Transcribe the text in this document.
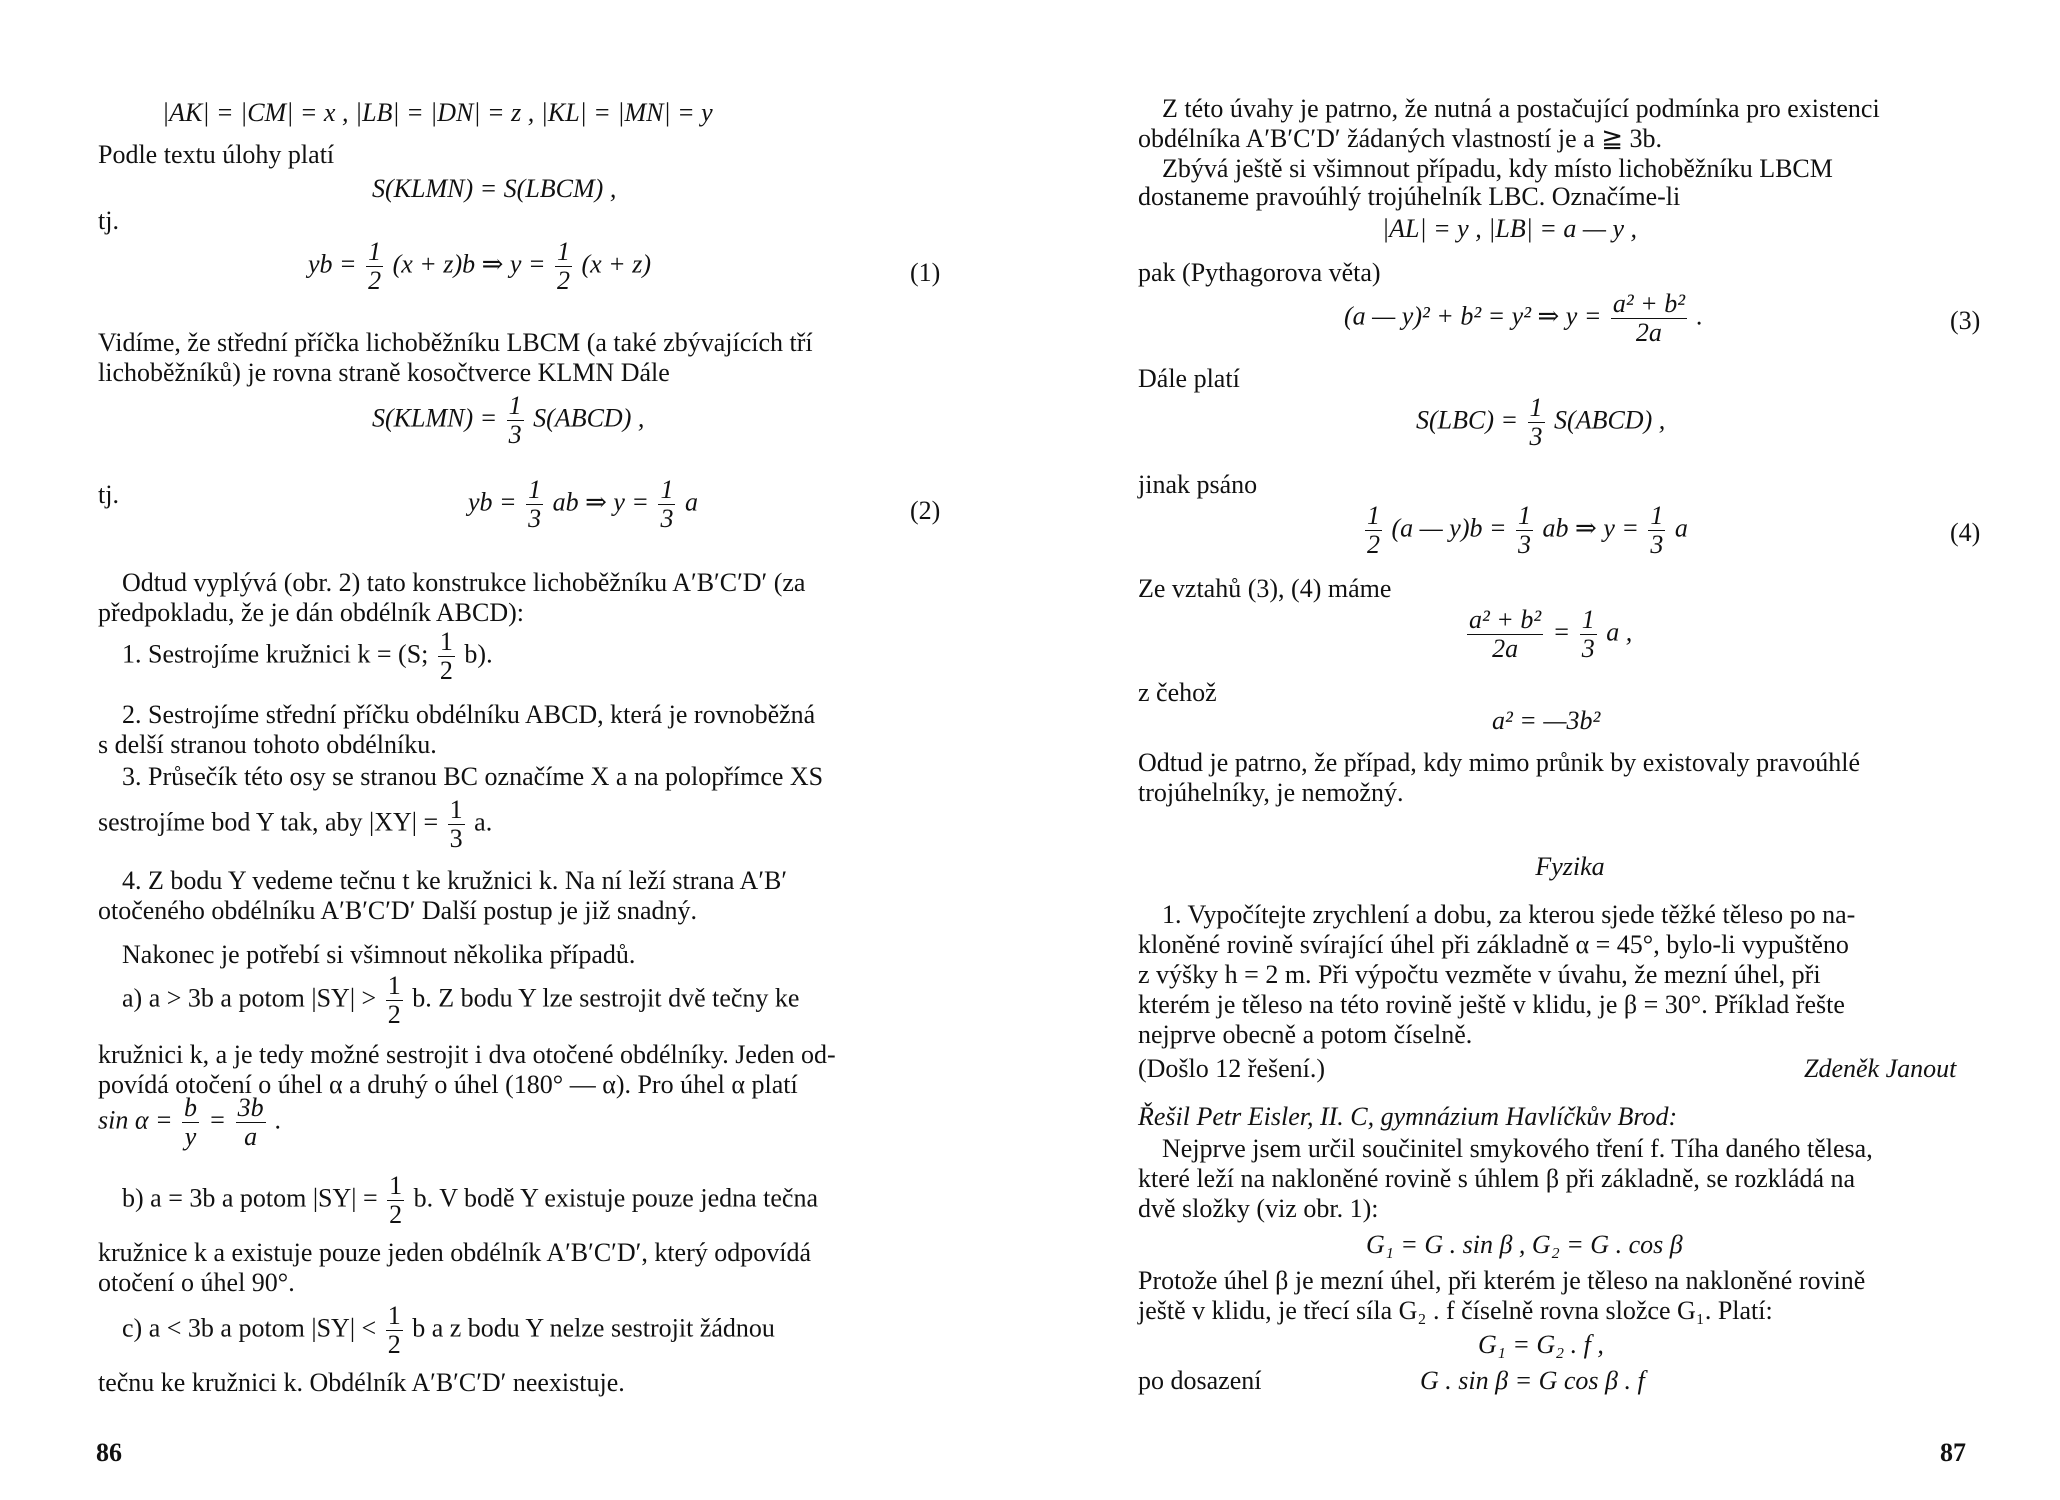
|AK| = |CM| = x , |LB| = |DN| = z , |KL| = |MN| = y
Podle textu úlohy platí
S(KLMN) = S(LBCM) ,
tj.
yb = $\frac{1}{2} (x + z)b$ ⇒ $y = \frac{1}{2} (x + z)$	(1)
Vidíme, že střední příčka lichoběžníku LBCM (a také zbývajících tří
lichoběžníků) je rovna straně kosočtverce KLMN Dále
S(KLMN) = $\frac{1}{3}$ S(ABCD) ,
tj.	yb = $\frac{1}{3}$ ab ⇒ $y = \frac{1}{3}$ a	(2)
Odtud vyplývá (obr. 2) tato konstrukce lichoběžníku A′B′C′D′ (za
předpokladu, že je dán obdélník ABCD):
1. Sestrojíme kružnici k = (S; $\frac{1}{2} b$).
2. Sestrojíme střední příčku obdélníku ABCD, která je rovnoběžná
s delší stranou tohoto obdélníku.
3. Průsečík této osy se stranou BC označíme X a na polopřímce XS
sestrojíme bod Y tak, aby $|XY| = \frac{1}{3} a$.
4. Z bodu Y vedeme tečnu t ke kružnici k. Na ní leží strana A′B′
otočeného obdélníku A′B′C′D′ Další postup je již snadný.
Nakonec je potřebí si všimnout několika případů.
a) a > 3b a potom $|SY| > \frac{1}{2} b$. Z bodu Y lze sestrojit dvě tečny ke
kružnici k, a je tedy možné sestrojit i dva otočené obdélníky. Jeden od-
povídá otočení o úhel α a druhý o úhel (180° — α). Pro úhel α platí
$\sin \alpha = \frac{b}{y} = \frac{3b}{a}$ .
b) a = 3b a potom $|SY| = \frac{1}{2} b$. V bodě Y existuje pouze jedna tečna
kružnice k a existuje pouze jeden obdélník A′B′C′D′, který odpovídá
otočení o úhel 90°.
c) a < 3b a potom $|SY| < \frac{1}{2}$ b a z bodu Y nelze sestrojit žádnou
tečnu ke kružnici k. Obdélník A′B′C′D′ neexistuje.
86
Z této úvahy je patrno, že nutná a postačující podmínka pro existenci
obdélníka A′B′C′D′ žádaných vlastností je a ≧ 3b.
Zbývá ještě si všimnout případu, kdy místo lichoběžníku LBCM
dostaneme pravoúhlý trojúhelník LBC. Označíme-li
|AL| = y , |LB| = a — y ,
pak (Pythagorova věta)
(a — y)² + b² = y² ⇒ $y = \frac{\text{a² + b²}}{2a}$ .	(3)
Dále platí
$S(LBC) = \frac{1}{3}$ S(ABCD) ,
jinak psáno
$\frac{1}{2} (a$ — $y)b = \frac{1}{3}$ ab ⇒ $y = \frac{1}{3}$ a	(4)
Ze vztahů (3), (4) máme
$\frac{\text{a² + b²}}{2a} = \frac{1}{3}$ a ,
z čehož
a² = —3b²
Odtud je patrno, že případ, kdy mimo průnik by existovaly pravoúhlé
trojúhelníky, je nemožný.
Fyzika
1. Vypočítejte zrychlení a dobu, za kterou sjede těžké těleso po na-
kloněné rovině svírající úhel při základně α = 45°, bylo-li vypuštěno
z výšky h = 2 m. Při výpočtu vezměte v úvahu, že mezní úhel, při
kterém je těleso na této rovině ještě v klidu, je β = 30°. Příklad řešte
nejprve obecně a potom číselně.
(Došlo 12 řešení.)	Zdeněk Janout
Řešil Petr Eisler, II. C, gymnázium Havlíčkův Brod:
Nejprve jsem určil součinitel smykového tření f. Tíha daného tělesa,
které leží na nakloněné rovině s úhlem β při základně, se rozkládá na
dvě složky (viz obr. 1):
G₁ = G . sin β , G₂ = G . cos β
Protože úhel β je mezní úhel, při kterém je těleso na nakloněné rovině
ještě v klidu, je třecí síla G₂ . f číselně rovna složce G₁. Platí:
G₁ = G₂ . f ,
po dosazení	G . sin β = G cos β . f
87
